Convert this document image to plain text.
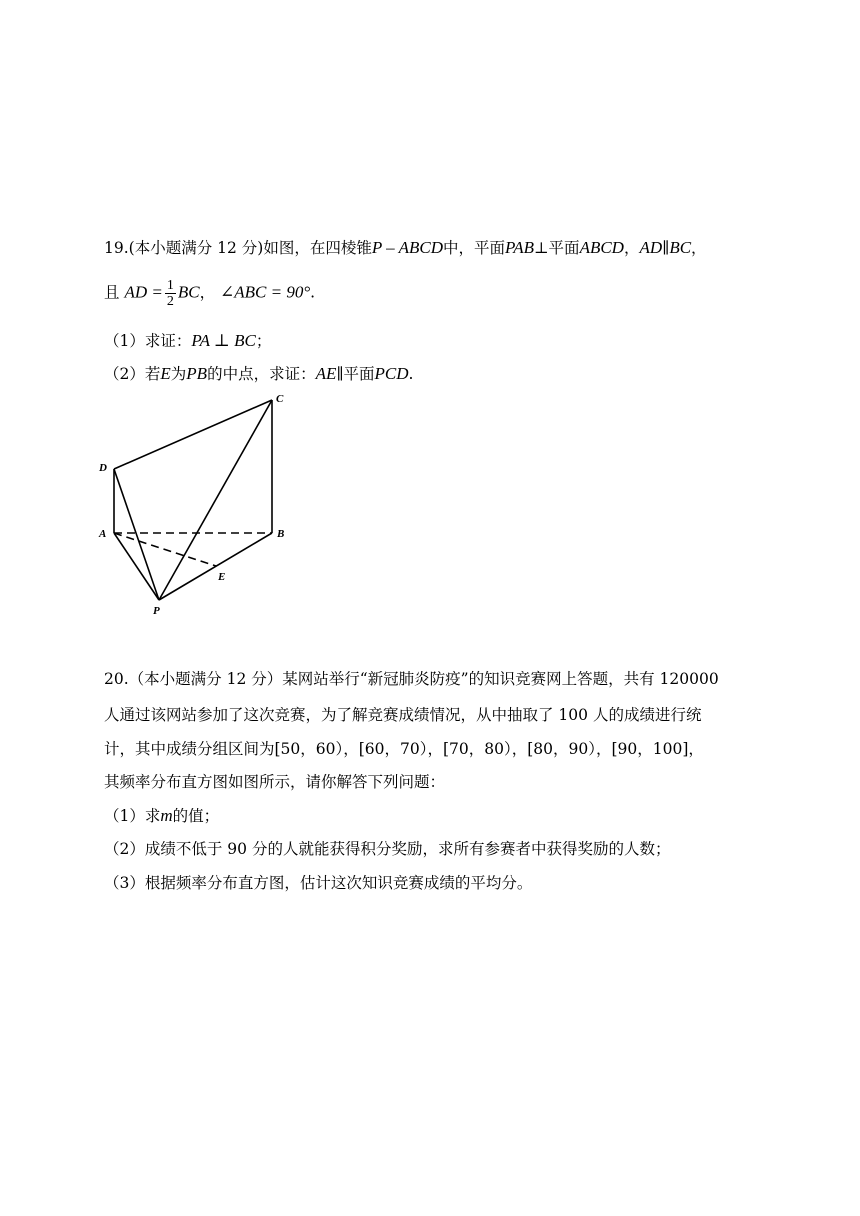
19.(本小题满分 12 分)如图，在四棱锥P – ABCD中，平面PAB⊥平面ABCD，AD∥BC，
且 AD = $\frac{1}{2}$ BC， ∠ABC = 90°.
（1）求证：PA ⊥ BC；
（2）若E为PB的中点，求证：AE∥平面PCD.
C
D
A	B
E
P
20.（本小题满分 12 分）某网站举行“新冠肺炎防疫”的知识竞赛网上答题，共有 120000
人通过该网站参加了这次竞赛，为了解竞赛成绩情况，从中抽取了 100 人的成绩进行统
计，其中成绩分组区间为[50，60），[60，70），[70，80），[80，90），[90，100]，
其频率分布直方图如图所示，请你解答下列问题：
（1）求m的值；
（2）成绩不低于 90 分的人就能获得积分奖励，求所有参赛者中获得奖励的人数；
（3）根据频率分布直方图，估计这次知识竞赛成绩的平均分。
